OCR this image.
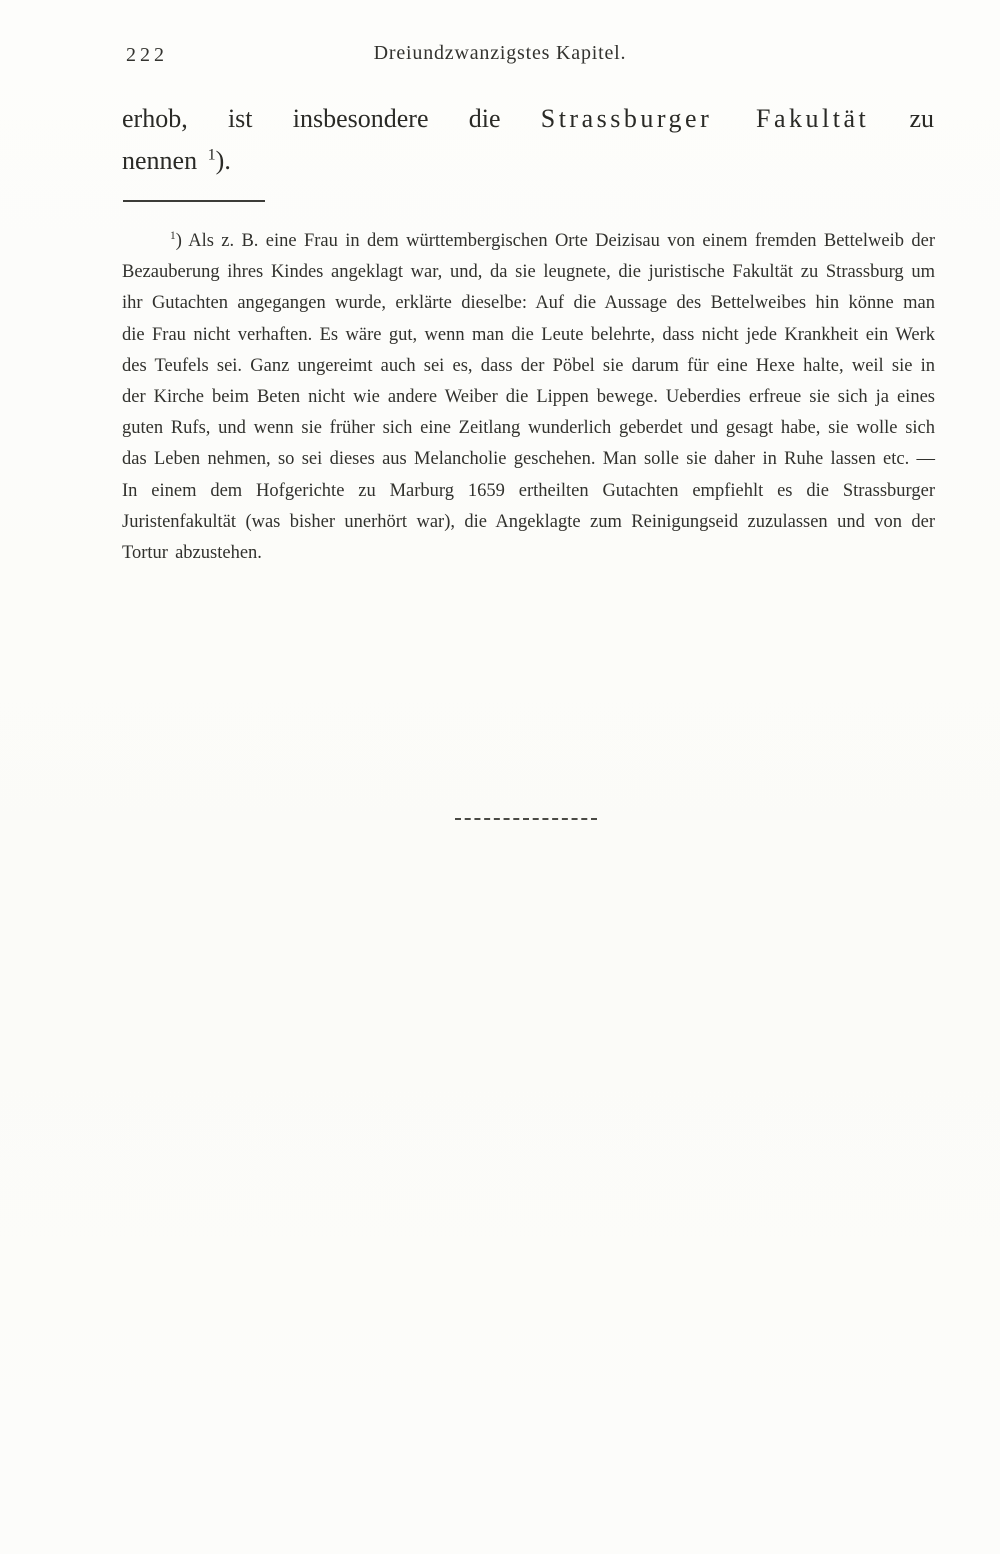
222	Dreiundzwanzigstes Kapitel.
erhob, ist insbesondere die Strassburger Fakultät zu
nennen $^1$).
$^1$) Als z. B. eine Frau in dem württembergischen Orte Deizisau von einem fremden Bettelweib der Bezauberung ihres Kindes angeklagt war, und, da sie leugnete, die juristische Fakultät zu Strassburg um ihr Gutachten angegangen wurde, erklärte dieselbe: Auf die Aussage des Bettelweibes hin könne man die Frau nicht verhaften. Es wäre gut, wenn man die Leute belehrte, dass nicht jede Krankheit ein Werk des Teufels sei. Ganz ungereimt auch sei es, dass der Pöbel sie darum für eine Hexe halte, weil sie in der Kirche beim Beten nicht wie andere Weiber die Lippen bewege. Ueberdies erfreue sie sich ja eines guten Rufs, und wenn sie früher sich eine Zeitlang wunderlich geberdet und gesagt habe, sie wolle sich das Leben nehmen, so sei dieses aus Melancholie geschehen. Man solle sie daher in Ruhe lassen etc. — In einem dem Hofgerichte zu Marburg 1659 ertheilten Gutachten empfiehlt es die Strassburger Juristenfakultät (was bisher unerhört war), die Angeklagte zum Reinigungseid zuzulassen und von der Tortur abzustehen.
